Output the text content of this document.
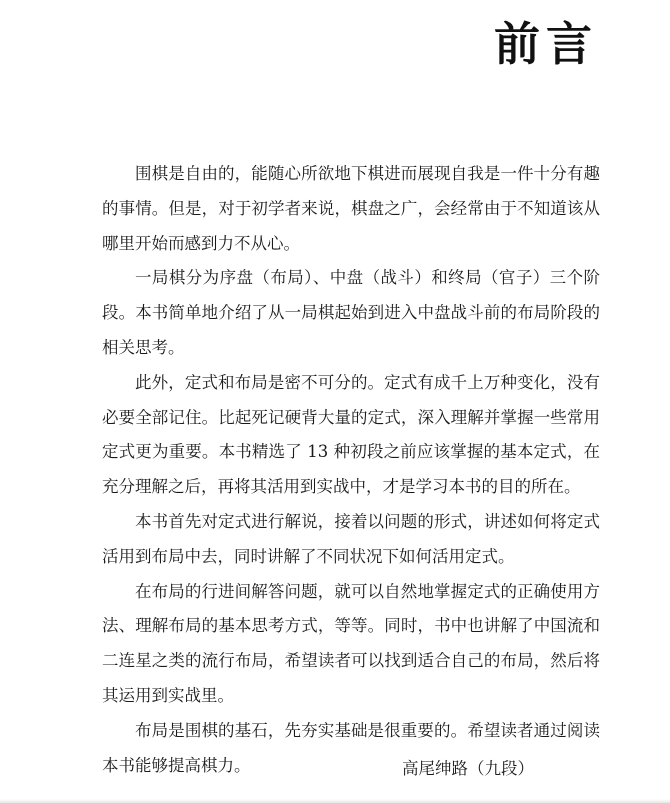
前言

围棋是自由的，能随心所欲地下棋进而展现自我是一件十分有趣的事情。但是，对于初学者来说，棋盘之广，会经常由于不知道该从哪里开始而感到力不从心。

一局棋分为序盘（布局）、中盘（战斗）和终局（官子）三个阶段。本书简单地介绍了从一局棋起始到进入中盘战斗前的布局阶段的相关思考。

此外，定式和布局是密不可分的。定式有成千上万种变化，没有必要全部记住。比起死记硬背大量的定式，深入理解并掌握一些常用定式更为重要。本书精选了 13 种初段之前应该掌握的基本定式，在充分理解之后，再将其活用到实战中，才是学习本书的目的所在。

本书首先对定式进行解说，接着以问题的形式，讲述如何将定式活用到布局中去，同时讲解了不同状况下如何活用定式。

在布局的行进间解答问题，就可以自然地掌握定式的正确使用方法、理解布局的基本思考方式，等等。同时，书中也讲解了中国流和二连星之类的流行布局，希望读者可以找到适合自己的布局，然后将其运用到实战里。

布局是围棋的基石，先夯实基础是很重要的。希望读者通过阅读本书能够提高棋力。	高尾绅路（九段）
